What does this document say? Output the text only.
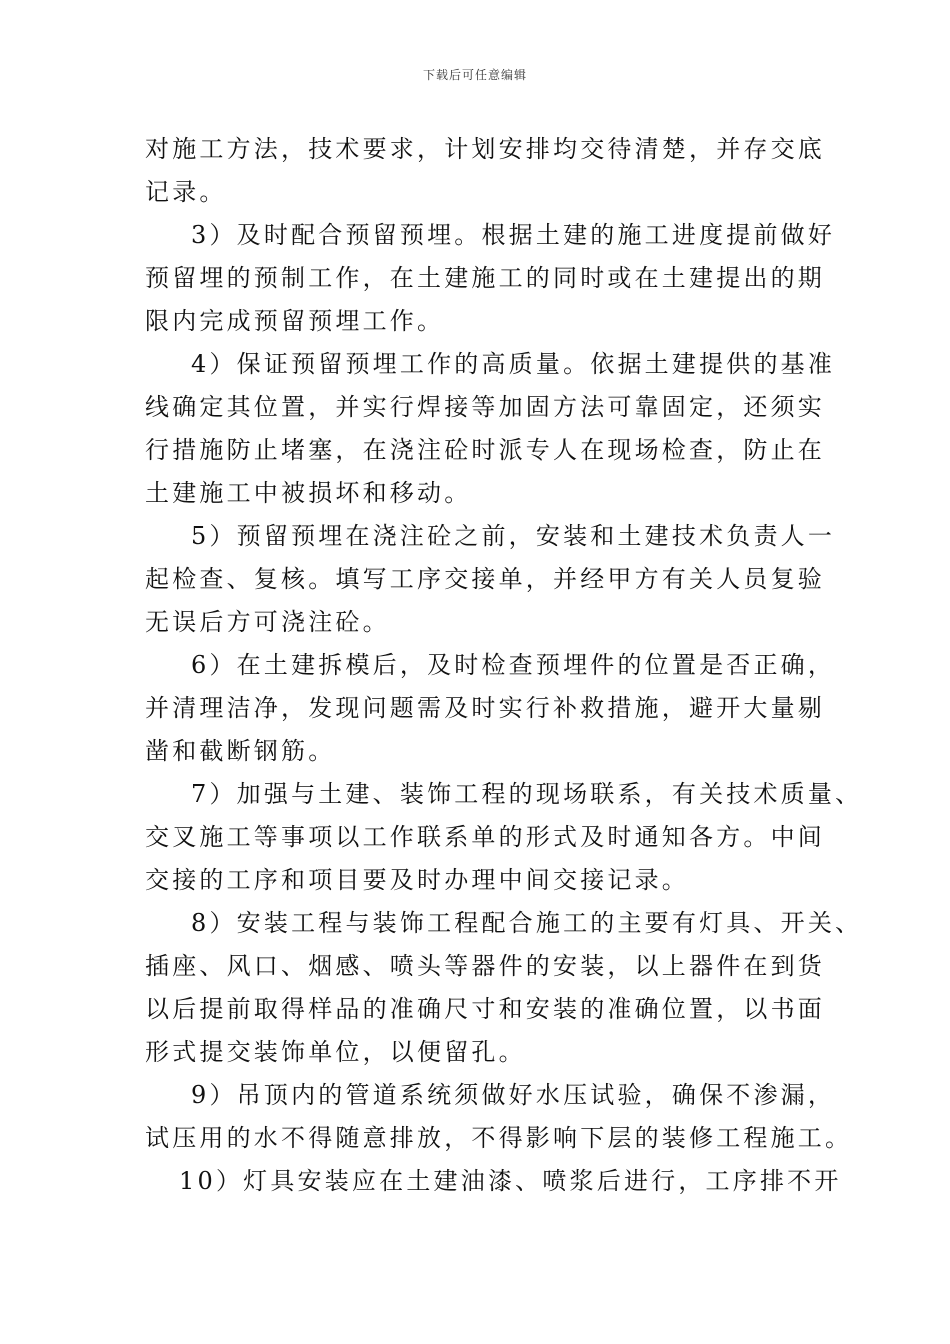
下载后可任意编辑
对施工方法，技术要求，计划安排均交待清楚，并存交底
记录。
3）及时配合预留预埋。根据土建的施工进度提前做好
预留埋的预制工作，在土建施工的同时或在土建提出的期
限内完成预留预埋工作。
4）保证预留预埋工作的高质量。依据土建提供的基准
线确定其位置，并实行焊接等加固方法可靠固定，还须实
行措施防止堵塞，在浇注砼时派专人在现场检查，防止在
土建施工中被损坏和移动。
5）预留预埋在浇注砼之前，安装和土建技术负责人一
起检查、复核。填写工序交接单，并经甲方有关人员复验
无误后方可浇注砼。
6）在土建拆模后，及时检查预埋件的位置是否正确，
并清理洁净，发现问题需及时实行补救措施，避开大量剔
凿和截断钢筋。
7）加强与土建、装饰工程的现场联系，有关技术质量、
交叉施工等事项以工作联系单的形式及时通知各方。中间
交接的工序和项目要及时办理中间交接记录。
8）安装工程与装饰工程配合施工的主要有灯具、开关、
插座、风口、烟感、喷头等器件的安装，以上器件在到货
以后提前取得样品的准确尺寸和安装的准确位置，以书面
形式提交装饰单位，以便留孔。
9）吊顶内的管道系统须做好水压试验，确保不渗漏，
试压用的水不得随意排放，不得影响下层的装修工程施工。
10）灯具安装应在土建油漆、喷浆后进行，工序排不开
